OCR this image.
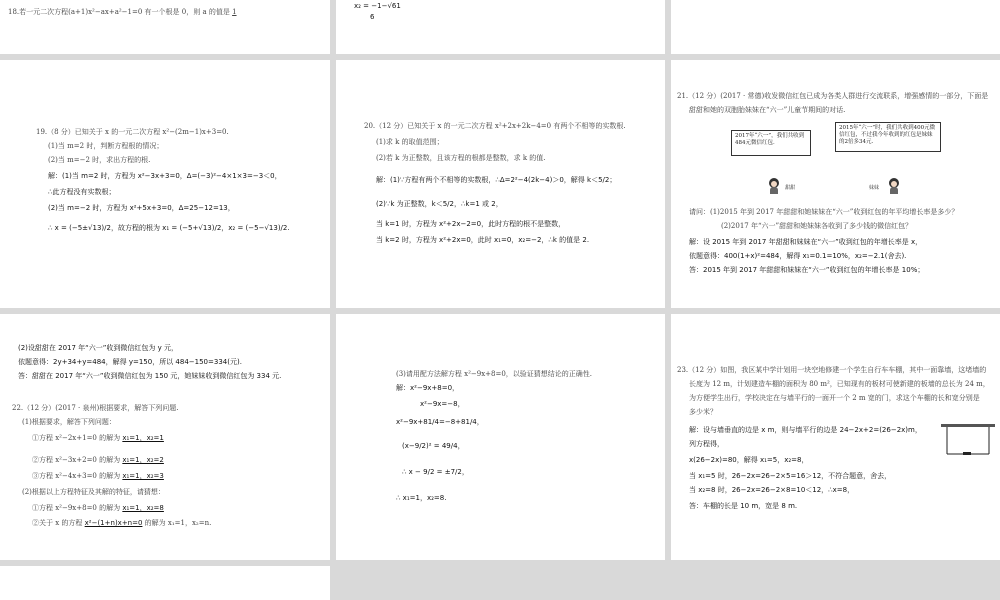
18.若一元二次方程(a+1)x²−ax+a²−1=0 有一个根是 0，则 a 的值是 1
x₂ = −1−√61
6
19.（8 分）已知关于 x 的一元二次方程 x²−(2m−1)x+3=0.
(1)当 m=2 时，判断方程根的情况；
(2)当 m=−2 时，求出方程的根.
解：(1)当 m=2 时，方程为 x²−3x+3=0，Δ=(−3)²−4×1×3=−3＜0，
∴此方程没有实数根；
(2)当 m=−2 时，方程为 x²+5x+3=0，Δ=25−12=13，
∴ x = (−5±√13)/2，故方程的根为 x₁ = (−5+√13)/2，x₂ = (−5−√13)/2.
20.（12 分）已知关于 x 的一元二次方程 x²+2x+2k−4=0 有两个不相等的实数根.
(1)求 k 的取值范围；
(2)若 k 为正整数，且该方程的根都是整数，求 k 的值.
解：(1)∵方程有两个不相等的实数根，∴Δ=2²−4(2k−4)＞0，解得 k＜5/2；
(2)∵k 为正整数，k＜5/2，∴k=1 或 2，
当 k=1 时，方程为 x²+2x−2=0，此时方程的根不是整数，
当 k=2 时，方程为 x²+2x=0，此时 x₁=0，x₂=−2，∴k 的值是 2.
21.（12 分）(2017 · 常德)收发微信红包已成为各类人群进行交流联系，增强感情的一部分，下面是
甜甜和她的双胞胎妹妹在“六一”儿童节期间的对话.
2017年“六一”，我们共收到484元微信红包.
2015年“六一”时，我们共收到400元微信红包，不过我今年收到的红包是妹妹的2倍多34元.
甜甜	妹妹
请问：(1)2015 年到 2017 年甜甜和她妹妹在“六一”收到红包的年平均增长率是多少？
(2)2017 年“六一”甜甜和她妹妹各收到了多少钱的微信红包？
解：设 2015 年到 2017 年甜甜和妹妹在“六一”收到红包的年增长率是 x，
依题意得：400(1+x)²=484，解得 x₁=0.1=10%，x₂=−2.1(舍去).
答：2015 年到 2017 年甜甜和妹妹在“六一”收到红包的年增长率是 10%；
(2)设甜甜在 2017 年“六一”收到微信红包为 y 元，
依题意得：2y+34+y=484，解得 y=150，所以 484−150=334(元).
答：甜甜在 2017 年“六一”收到微信红包为 150 元，她妹妹收到微信红包为 334 元.
22.（12 分）(2017 · 泉州)根据要求，解答下列问题.
(1)根据要求，解答下列问题：
①方程 x²−2x+1=0 的解为 x₁=1，x₂=1
②方程 x²−3x+2=0 的解为 x₁=1，x₂=2
③方程 x²−4x+3=0 的解为 x₁=1，x₂=3
(2)根据以上方程特征及其解的特征，请猜想：
①方程 x²−9x+8=0 的解为 x₁=1，x₂=8
②关于 x 的方程 x²−(1+n)x+n=0 的解为 x₁=1，x₂=n.
(3)请用配方法解方程 x²−9x+8=0，以验证猜想结论的正确性.
解：x²−9x+8=0，
x²−9x=−8，
x²−9x+81/4=−8+81/4，
(x−9/2)² = 49/4，
∴ x − 9/2 = ±7/2，
∴ x₁=1，x₂=8.
23.（12 分）如图，我区某中学计划用一块空地修建一个学生自行车车棚，其中一面靠墙，这堵墙的
长度为 12 m，计划建造车棚的面积为 80 m²，已知现有的板材可使新建的板墙的总长为 24 m，
为方便学生出行，学校决定在与墙平行的一面开一个 2 m 宽的门，求这个车棚的长和宽分别是
多少米？
解：设与墙垂直的边是 x m，则与墙平行的边是 24−2x+2=(26−2x)m，
列方程得，
x(26−2x)=80，解得 x₁=5，x₂=8，
当 x₁=5 时，26−2x=26−2×5=16＞12，不符合题意，舍去，
当 x₂=8 时，26−2x=26−2×8=10＜12，∴x=8，
答：车棚的长是 10 m，宽是 8 m.
